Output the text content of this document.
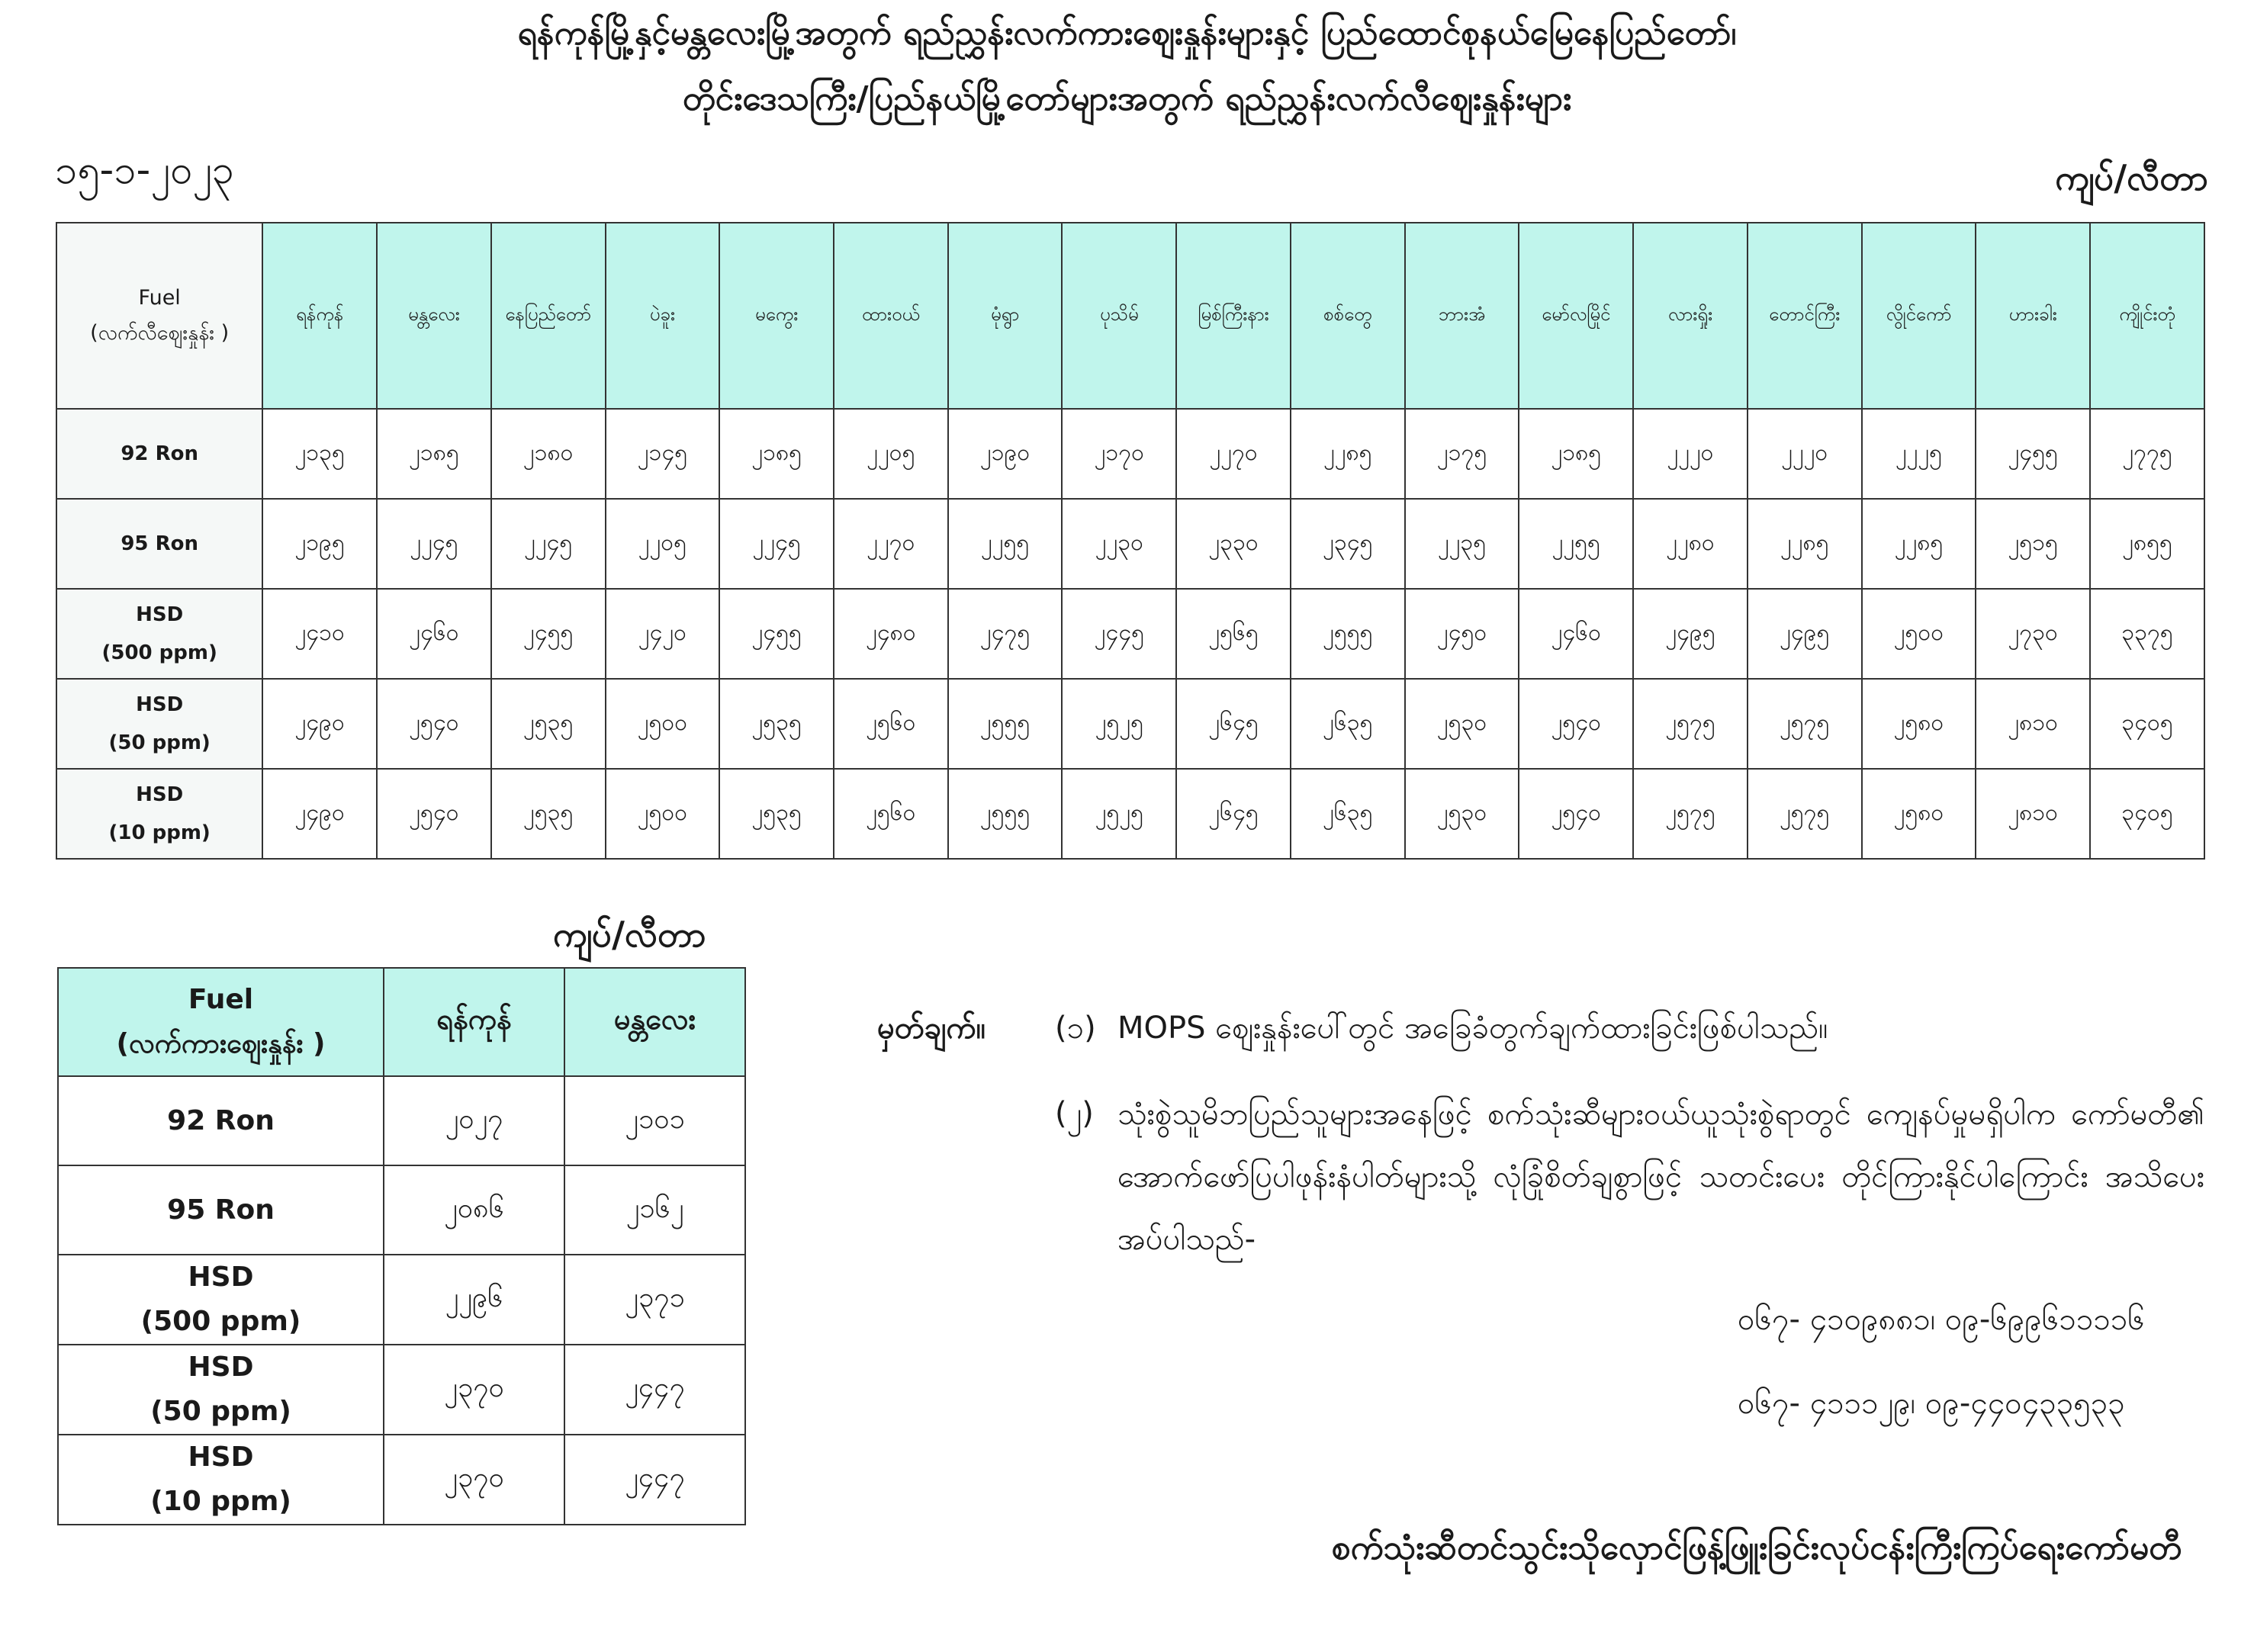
ရန်ကုန်မြို့နှင့်မန္တလေးမြို့အတွက် ရည်ညွှန်းလက်ကားဈေးနှုန်းများနှင့် ပြည်ထောင်စုနယ်မြေနေပြည်တော်၊
တိုင်းဒေသကြီး/ပြည်နယ်မြို့တော်များအတွက် ရည်ညွှန်းလက်လီဈေးနှုန်းများ
၁၅-၁-၂၀၂၃	ကျပ်/လီတာ
Fuel
(လက်လီဈေးနှုန်း )	ရန်ကုန်	မန္တလေး	နေပြည်တော်	ပဲခူး	မကွေး	ထားဝယ်	မုံရွာ	ပုသိမ်	မြစ်ကြီးနား	စစ်တွေ	ဘားအံ	မော်လမြိုင်	လားရှိုး	တောင်ကြီး	လွိုင်ကော်	ဟားခါး	ကျိုင်းတုံ

92 Ron	၂၁၃၅	၂၁၈၅	၂၁၈၀	၂၁၄၅	၂၁၈၅	၂၂၀၅	၂၁၉၀	၂၁၇၀	၂၂၇၀	၂၂၈၅	၂၁၇၅	၂၁၈၅	၂၂၂၀	၂၂၂၀	၂၂၂၅	၂၄၅၅	၂၇၇၅

95 Ron	၂၁၉၅	၂၂၄၅	၂၂၄၅	၂၂၀၅	၂၂၄၅	၂၂၇၀	၂၂၅၅	၂၂၃၀	၂၃၃၀	၂၃၄၅	၂၂၃၅	၂၂၅၅	၂၂၈၀	၂၂၈၅	၂၂၈၅	၂၅၁၅	၂၈၅၅

HSD
(500 ppm)	၂၄၁၀	၂၄၆၀	၂၄၅၅	၂၄၂၀	၂၄၅၅	၂၄၈၀	၂၄၇၅	၂၄၄၅	၂၅၆၅	၂၅၅၅	၂၄၅၀	၂၄၆၀	၂၄၉၅	၂၄၉၅	၂၅၀၀	၂၇၃၀	၃၃၇၅

HSD
(50 ppm)	၂၄၉၀	၂၅၄၀	၂၅၃၅	၂၅၀၀	၂၅၃၅	၂၅၆၀	၂၅၅၅	၂၅၂၅	၂၆၄၅	၂၆၃၅	၂၅၃၀	၂၅၄၀	၂၅၇၅	၂၅၇၅	၂၅၈၀	၂၈၁၀	၃၄၀၅

HSD
(10 ppm)	၂၄၉၀	၂၅၄၀	၂၅၃၅	၂၅၀၀	၂၅၃၅	၂၅၆၀	၂၅၅၅	၂၅၂၅	၂၆၄၅	၂၆၃၅	၂၅၃၀	၂၅၄၀	၂၅၇၅	၂၅၇၅	၂၅၈၀	၂၈၁၀	၃၄၀၅
ကျပ်/လီတာ
Fuel
(လက်ကားဈေးနှုန်း )	ရန်ကုန်	မန္တလေး

92 Ron	၂၀၂၇	၂၁၀၁

95 Ron	၂၀၈၆	၂၁၆၂

HSD
(500 ppm)	၂၂၉၆	၂၃၇၁

HSD
(50 ppm)	၂၃၇၀	၂၄၄၇

HSD
(10 ppm)	၂၃၇၀	၂၄၄၇
မှတ်ချက်။ (၁) MOPS ဈေးနှုန်းပေါ်တွင် အခြေခံတွက်ချက်ထားခြင်းဖြစ်ပါသည်။
(၂) သုံးစွဲသူမိဘပြည်သူများအနေဖြင့် စက်သုံးဆီများဝယ်ယူသုံးစွဲရာတွင် ကျေနပ်မှုမရှိပါက ကော်မတီ၏ အောက်ဖော်ပြပါဖုန်းနံပါတ်များသို့ လုံခြုံစိတ်ချစွာဖြင့် သတင်းပေး တိုင်ကြားနိုင်ပါကြောင်း အသိပေးအပ်ပါသည်-
၀၆၇- ၄၁၀၉၈၈၁၊ ၀၉-၆၉၉၆၁၁၁၁၆
၀၆၇- ၄၁၁၁၂၉၊ ၀၉-၄၄၀၄၃၃၅၃၃
စက်သုံးဆီတင်သွင်းသိုလှောင်ဖြန့်ဖြူးခြင်းလုပ်ငန်းကြီးကြပ်ရေးကော်မတီ
